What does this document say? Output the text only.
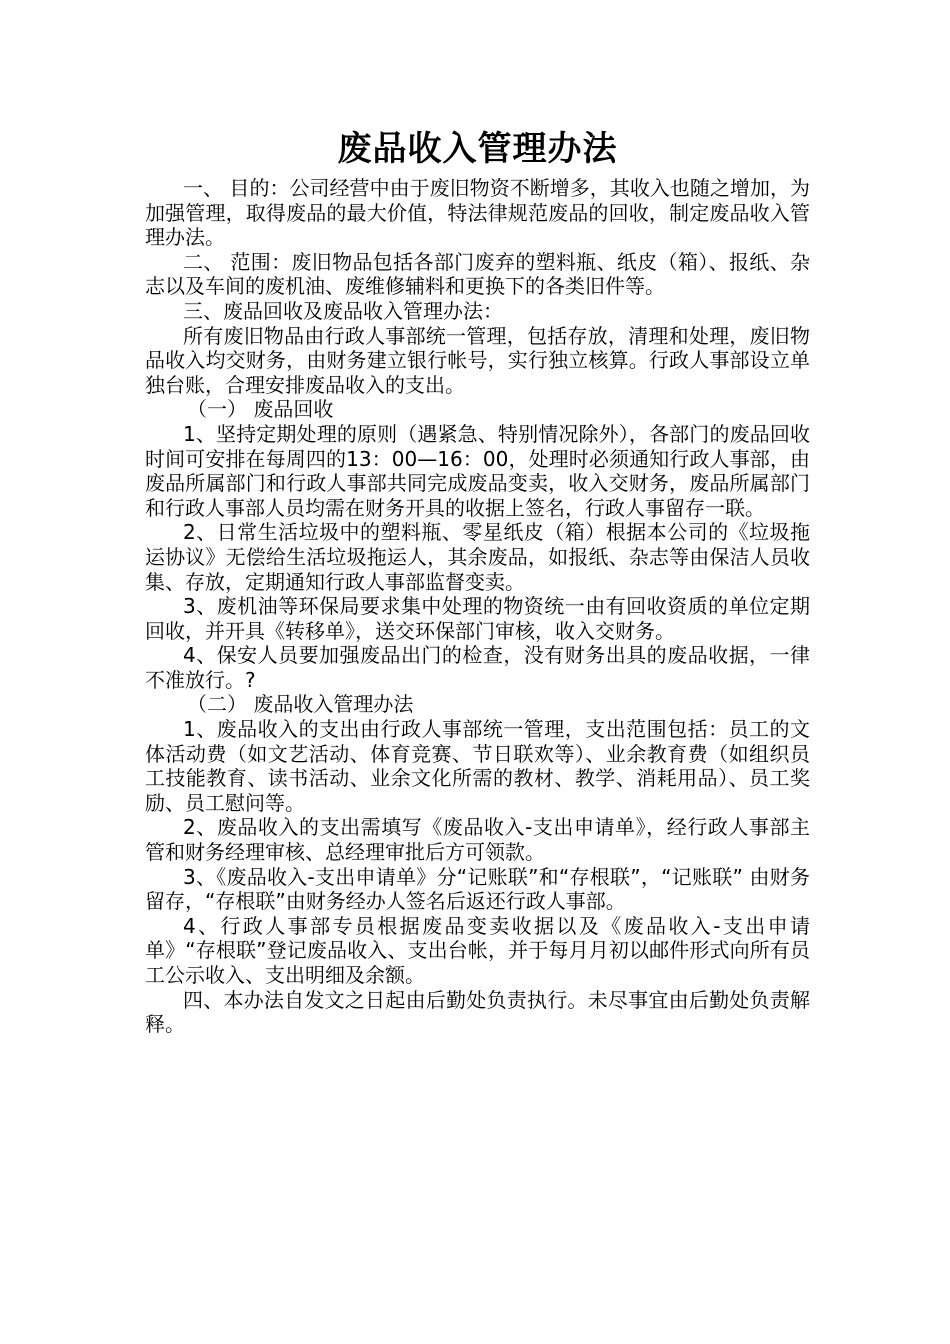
废品收入管理办法

一、 目的：公司经营中由于废旧物资不断增多，其收入也随之增加，为加强管理，取得废品的最大价值，特法律规范废品的回收，制定废品收入管理办法。

二、 范围：废旧物品包括各部门废弃的塑料瓶、纸皮（箱）、报纸、杂志以及车间的废机油、废维修辅料和更换下的各类旧件等。

三、废品回收及废品收入管理办法：

所有废旧物品由行政人事部统一管理，包括存放，清理和处理，废旧物品收入均交财务，由财务建立银行帐号，实行独立核算。行政人事部设立单独台账，合理安排废品收入的支出。

（一） 废品回收

1、坚持定期处理的原则（遇紧急、特别情况除外），各部门的废品回收时间可安排在每周四的13：00—16：00，处理时必须通知行政人事部，由废品所属部门和行政人事部共同完成废品变卖，收入交财务，废品所属部门和行政人事部人员均需在财务开具的收据上签名，行政人事留存一联。

2、日常生活垃圾中的塑料瓶、零星纸皮（箱）根据本公司的《垃圾拖运协议》无偿给生活垃圾拖运人，其余废品，如报纸、杂志等由保洁人员收集、存放，定期通知行政人事部监督变卖。

3、废机油等环保局要求集中处理的物资统一由有回收资质的单位定期回收，并开具《转移单》，送交环保部门审核，收入交财务。

4、保安人员要加强废品出门的检查，没有财务出具的废品收据，一律不准放行。?

（二） 废品收入管理办法

1、废品收入的支出由行政人事部统一管理，支出范围包括：员工的文体活动费（如文艺活动、体育竞赛、节日联欢等）、业余教育费（如组织员工技能教育、读书活动、业余文化所需的教材、教学、消耗用品）、员工奖励、员工慰问等。

2、废品收入的支出需填写《废品收入-支出申请单》，经行政人事部主管和财务经理审核、总经理审批后方可领款。

3、《废品收入-支出申请单》分“记账联”和“存根联”，“记账联” 由财务留存，“存根联”由财务经办人签名后返还行政人事部。

4、行政人事部专员根据废品变卖收据以及《废品收入-支出申请单》“存根联”登记废品收入、支出台帐，并于每月月初以邮件形式向所有员工公示收入、支出明细及余额。

四、本办法自发文之日起由后勤处负责执行。未尽事宜由后勤处负责解释。
